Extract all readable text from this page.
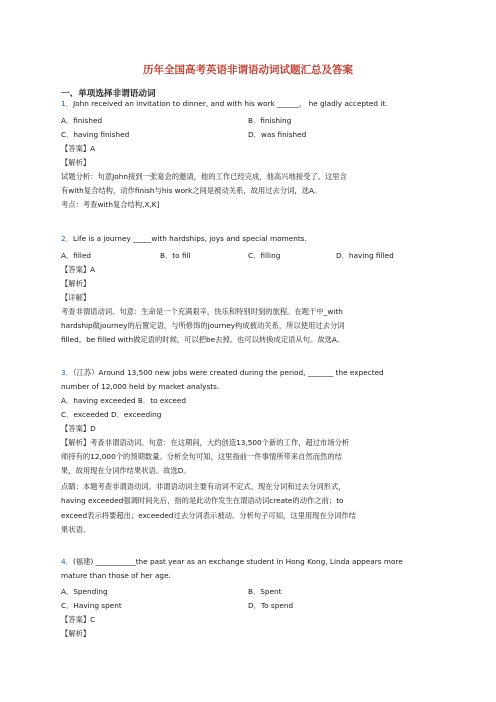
历年全国高考英语非谓语动词试题汇总及答案
一、单项选择非谓语动词
1．John received an invitation to dinner, and with his work ______， he gladly accepted it.
A．finished	B．finishing
C．having finished	D．was finished
【答案】A
【解析】
试题分析：句意John接到一张宴会的邀请，他的工作已经完成，他高兴地接受了。这里含
有with复合结构，动作finish与his work之间是被动关系，故用过去分词，选A。
考点：考查with复合结构,X,K]
2．Life is a journey _____with hardships, joys and special moments.
A．filled	B．to fill	C．filling	D．having filled
【答案】A
【解析】
【详解】
考查非谓语动词。句意：生命是一个充满艰辛，快乐和特别时刻的旅程。在题干中_with
hardship做journey的后置定语，与所修饰的journey构成被动关系，所以使用过去分词
filled。be filled with做定语的时候，可以把be去掉。也可以转换成定语从句。故选A。
3．（江苏）Around 13,500 new jobs were created during the period, _______ the expected
number of 12,000 held by market analysts.
A．having exceeded B．to exceed
C．exceeded D．exceeding
【答案】D
【解析】考查非谓语动词。句意：在这期间，大约创造13,500个新的工作，超过市场分析
师持有的12,000个的预期数量。分析全句可知，这里指前一件事情所带来自然而然的结
果，故用现在分词作结果状语。故选D。
点睛：本题考查非谓语动词。非谓语动词主要有动词不定式、现在分词和过去分词形式，
having exceeded强调时间先后，指的是此动作发生在谓语动词create的动作之前；to
exceed表示将要超出；exceeded过去分词表示被动。分析句子可知，这里用现在分词作结
果状语。
4．(福建) ___________the past year as an exchange student in Hong Kong, Linda appears more
mature than those of her age.
A．Spending	B．Spent
C．Having spent	D．To spend
【答案】C
【解析】
